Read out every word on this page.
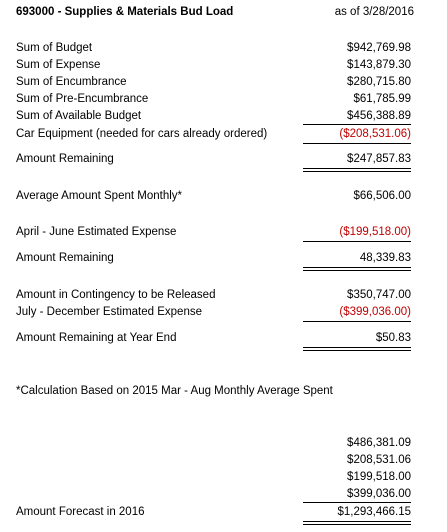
693000 - Supplies & Materials Bud Load	as of 3/28/2016
Sum of Budget	$942,769.98
Sum of Expense	$143,879.30
Sum of Encumbrance	$280,715.80
Sum of Pre-Encumbrance	$61,785.99
Sum of Available Budget	$456,388.89
Car Equipment (needed for cars already ordered)	($208,531.06)
Amount Remaining	$247,857.83
Average Amount Spent Monthly*	$66,506.00
April - June Estimated Expense	($199,518.00)
Amount Remaining	48,339.83
Amount in Contingency to be Released	$350,747.00
July - December Estimated Expense	($399,036.00)
Amount Remaining at Year End	$50.83
*Calculation Based on 2015 Mar - Aug Monthly Average Spent
$486,381.09
$208,531.06
$199,518.00
$399,036.00
Amount Forecast in 2016	$1,293,466.15
